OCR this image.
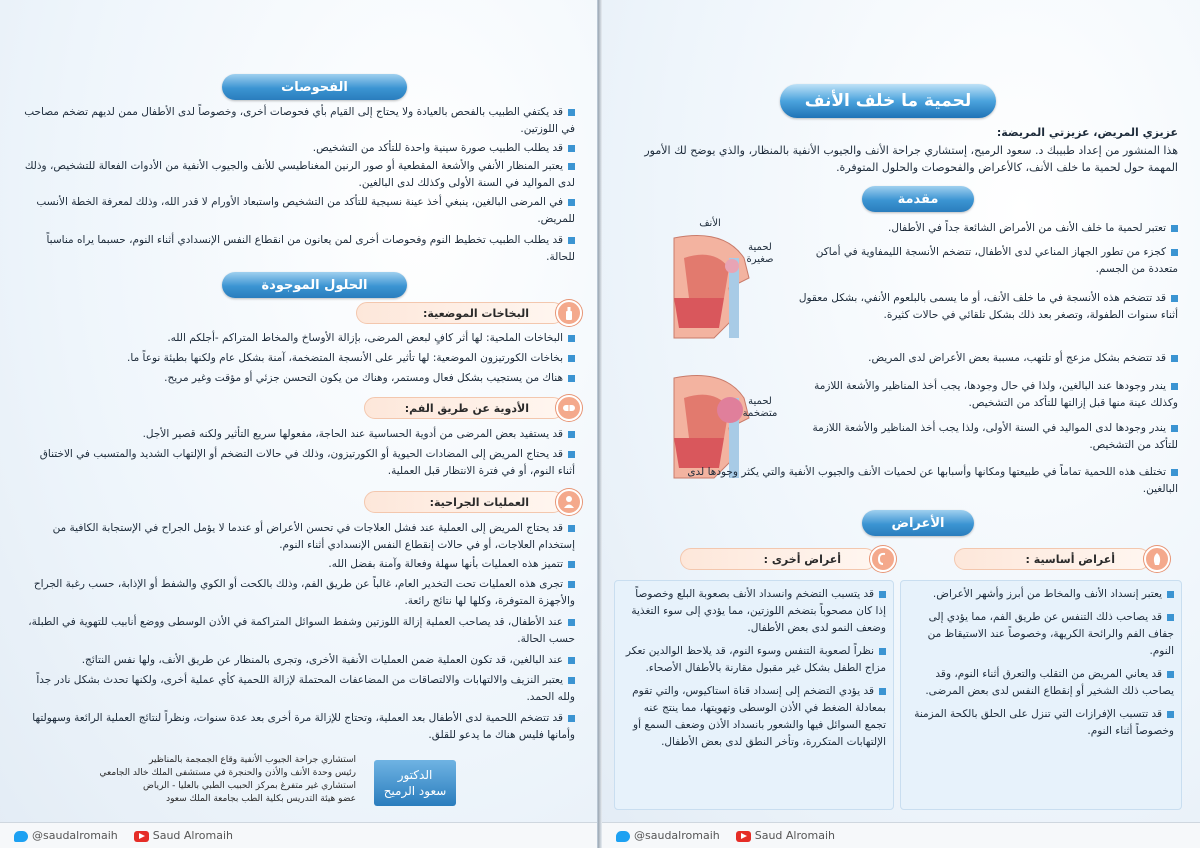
الفحوصات
قد يكتفي الطبيب بالفحص بالعيادة ولا يحتاج إلى القيام بأي فحوصات أخرى، وخصوصاً لدى الأطفال ممن لديهم تضخم مصاحب في اللوزتين.
قد يطلب الطبيب صورة سينية واحدة للتأكد من التشخيص.
يعتبر المنظار الأنفي والأشعة المقطعية أو صور الرنين المغناطيسي للأنف والجيوب الأنفية من الأدوات الفعالة للتشخيص، وذلك لدى المواليد في السنة الأولى وكذلك لدى البالغين.
في المرضى البالغين، ينبغي أخذ عينة نسيجية للتأكد من التشخيص واستبعاد الأورام لا قدر الله، وذلك لمعرفة الخطة الأنسب للمريض.
قد يطلب الطبيب تخطيط النوم وفحوصات أخرى لمن يعانون من انقطاع النفس الإنسدادي أثناء النوم، حسبما يراه مناسباً للحالة.
الحلول الموجودة
البخاخات الموضعية:
البخاخات الملحية: لها أثر كافٍ لبعض المرضى، بإزالة الأوساخ والمخاط المتراكم -أجلكم الله.
بخاخات الكورتيزون الموضعية: لها تأثير على الأنسجة المتضخمة، آمنة بشكل عام ولكنها بطيئة نوعاً ما.
هناك من يستجيب بشكل فعال ومستمر، وهناك من يكون التحسن جزئي أو مؤقت وغير مريح.
الأدوية عن طريق الفم:
قد يستفيد بعض المرضى من أدوية الحساسية عند الحاجة، مفعولها سريع التأثير ولكنه قصير الأجل.
قد يحتاج المريض إلى المضادات الحيوية أو الكورتيزون، وذلك في حالات التضخم أو الإلتهاب الشديد والمتسبب في الاختناق أثناء النوم، أو في فترة الانتظار قبل العملية.
العمليات الجراحية:
قد يحتاج المريض إلى العملية عند فشل العلاجات في تحسن الأعراض أو عندما لا يؤمل الجراح في الإستجابة الكافية من إستخدام العلاجات، أو في حالات إنقطاع النفس الإنسدادي أثناء النوم.
تتميز هذه العمليات بأنها سهلة وفعالة وآمنة بفضل الله.
تجرى هذه العمليات تحت التخدير العام، غالباً عن طريق الفم، وذلك بالكحت أو الكوي والشفط أو الإذابة، حسب رغبة الجراح والأجهزة المتوفرة، وكلها لها نتائج رائعة.
عند الأطفال، قد يصاحب العملية إزالة اللوزتين وشفط السوائل المتراكمة في الأذن الوسطى ووضع أنابيب للتهوية في الطبلة، حسب الحالة.
عند البالغين، قد تكون العملية ضمن العمليات الأنفية الأخرى، وتجرى بالمنظار عن طريق الأنف، ولها نفس النتائج.
يعتبر النزيف والالتهابات والالتصاقات من المضاعفات المحتملة لإزالة اللحمية كأي عملية أخرى، ولكنها تحدث بشكل نادر جداً ولله الحمد.
قد تتضخم اللحمية لدى الأطفال بعد العملية، وتحتاج للإزالة مرة أخرى بعد عدة سنوات، ونظراً لنتائج العملية الرائعة وسهولتها وأمانها فليس هناك ما يدعو للقلق.
استشاري جراحة الجيوب الأنفية وقاع الجمجمة بالمناظير
رئيس وحدة الأنف والأذن والحنجرة في مستشفى الملك خالد الجامعي
استشاري غير متفرغ بمركز الحبيب الطبي بالعليا - الرياض
عضو هيئة التدريس بكلية الطب بجامعة الملك سعود
الدكتور
سعود الرميح
@saudalromaih	Saud Alromaih
لحمية ما خلف الأنف
عزيزي المريض، عزيزتي المريضة:
هذا المنشور من إعداد طبيبك د. سعود الرميح، إستشاري جراحة الأنف والجيوب الأنفية بالمنظار، والذي يوضح لك الأمور المهمة حول لحمية ما خلف الأنف، كالأعراض والفحوصات والحلول المتوفرة.
مقدمة
الأنف
لحمية صغيرة
لحمية متضخمة
تعتبر لحمية ما خلف الأنف من الأمراض الشائعة جداً في الأطفال.
كجزء من تطور الجهاز المناعي لدى الأطفال، تتضخم الأنسجة الليمفاوية في أماكن متعددة من الجسم.
قد تتضخم هذه الأنسجة في ما خلف الأنف، أو ما يسمى بالبلعوم الأنفي، بشكل معقول أثناء سنوات الطفولة، وتصغر بعد ذلك بشكل تلقائي في حالات كثيرة.
قد تتضخم بشكل مزعج أو تلتهب، مسببة بعض الأعراض لدى المريض.
يندر وجودها عند البالغين، ولذا في حال وجودها، يجب أخذ المناظير والأشعة اللازمة وكذلك عينة منها قبل إزالتها للتأكد من التشخيص.
يندر وجودها لدى المواليد في السنة الأولى، ولذا يجب أخذ المناظير والأشعة اللازمة للتأكد من التشخيص.
تختلف هذه اللحمية تماماً في طبيعتها ومكانها وأسبابها عن لحميات الأنف والجيوب الأنفية والتي يكثر وجودها لدى البالغين.
الأعراض
أعراض أساسية :
أعراض أخرى :
يعتبر إنسداد الأنف والمخاط من أبرز وأشهر الأعراض.
قد يصاحب ذلك التنفس عن طريق الفم، مما يؤدي إلى جفاف الفم والرائحة الكريهة، وخصوصاً عند الاستيقاظ من النوم.
قد يعاني المريض من التقلب والتعرق أثناء النوم، وقد يصاحب ذلك الشخير أو إنقطاع النفس لدى بعض المرضى.
قد تتسبب الإفرازات التي تنزل على الحلق بالكحة المزمنة وخصوصاً أثناء النوم.
قد يتسبب التضخم وانسداد الأنف بصعوبة البلع وخصوصاً إذا كان مصحوباً بتضخم اللوزتين، مما يؤدي إلى سوء التغذية وضعف النمو لدى بعض الأطفال.
نظراً لصعوبة التنفس وسوء النوم، قد يلاحظ الوالدين تعكر مزاج الطفل بشكل غير مقبول مقارنة بالأطفال الأصحاء.
قد يؤدي التضخم إلى إنسداد قناة استاكيوس، والتي تقوم بمعادلة الضغط في الأذن الوسطى وتهويتها، مما ينتج عنه تجمع السوائل فيها والشعور بانسداد الأذن وضعف السمع أو الإلتهابات المتكررة، وتأخر النطق لدى بعض الأطفال.
@saudalromaih	Saud Alromaih
